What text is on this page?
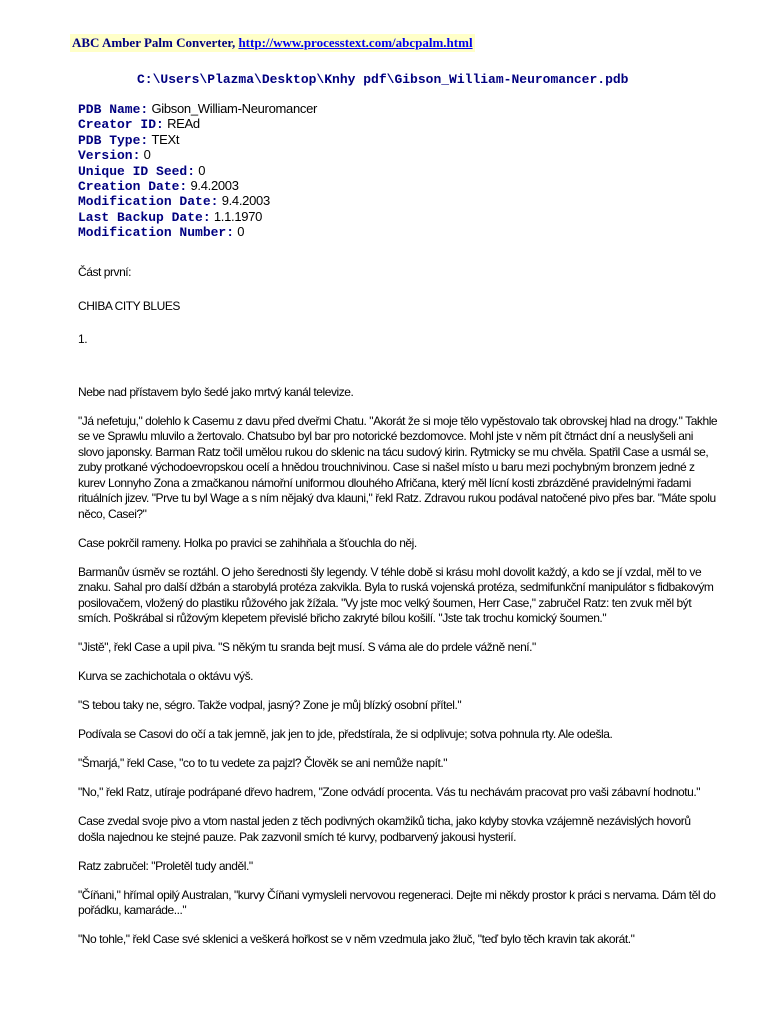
ABC Amber Palm Converter, http://www.processtext.com/abcpalm.html
C:\Users\Plazma\Desktop\Knhy pdf\Gibson_William-Neuromancer.pdb
PDB Name: Gibson_William-Neuromancer
Creator ID: REAd
PDB Type: TEXt
Version: 0
Unique ID Seed: 0
Creation Date: 9.4.2003
Modification Date: 9.4.2003
Last Backup Date: 1.1.1970
Modification Number: 0

Část první:

CHIBA CITY BLUES

1.

Nebe nad přístavem bylo šedé jako mrtvý kanál televize.

"Já nefetuju," dolehlo k Casemu z davu před dveřmi Chatu. "Akorát že si moje tělo vypěstovalo tak obrovskej hlad na drogy." Takhle se ve Sprawlu mluvilo a žertovalo. Chatsubo byl bar pro notorické bezdomovce. Mohl jste v něm pít čtrnáct dní a neuslyšeli ani slovo japonsky. Barman Ratz točil umělou rukou do sklenic na tácu sudový kirin. Rytmicky se mu chvěla. Spatřil Case a usmál se, zuby protkané východoevropskou ocelí a hnědou trouchnivinou. Case si našel místo u baru mezi pochybným bronzem jedné z kurev Lonnyho Zona a zmačkanou námořní uniformou dlouhého Afričana, který měl lícní kosti zbrázděné pravidelnými řadami rituálních jizev. "Prve tu byl Wage a s ním nějaký dva klauni," řekl Ratz. Zdravou rukou podával natočené pivo přes bar. "Máte spolu něco, Casei?"

Case pokrčil rameny. Holka po pravici se zahihňala a šťouchla do něj.

Barmanův úsměv se roztáhl. O jeho šerednosti šly legendy. V téhle době si krásu mohl dovolit každý, a kdo se jí vzdal, měl to ve znaku. Sahal pro další džbán a starobylá protéza zakvikla. Byla to ruská vojenská protéza, sedmifunkční manipulátor s fidbakovým posilovačem, vložený do plastiku růžového jak žížala. "Vy jste moc velký šoumen, Herr Case," zabručel Ratz: ten zvuk měl být smích. Poškrábal si růžovým klepetem převislé břicho zakryté bílou košilí. "Jste tak trochu komický šoumen."

"Jistě", řekl Case a upil piva. "S někým tu sranda bejt musí. S váma ale do prdele vážně není."

Kurva se zachichotala o oktávu výš.

"S tebou taky ne, ségro. Takže vodpal, jasný? Zone je můj blízký osobní přítel."

Podívala se Casovi do očí a tak jemně, jak jen to jde, předstírala, že si odplivuje; sotva pohnula rty. Ale odešla.

"Šmarjá," řekl Case, "co to tu vedete za pajzl? Člověk se ani nemůže napít."

"No," řekl Ratz, utíraje podrápané dřevo hadrem, "Zone odvádí procenta. Vás tu nechávám pracovat pro vaši zábavní hodnotu."

Case zvedal svoje pivo a vtom nastal jeden z těch podivných okamžiků ticha, jako kdyby stovka vzájemně nezávislých hovorů došla najednou ke stejné pauze. Pak zazvonil smích té kurvy, podbarvený jakousi hysterií.

Ratz zabručel: "Proletěl tudy anděl."

"Číňani," hřímal opilý Australan, "kurvy Číňani vymysleli nervovou regeneraci. Dejte mi někdy prostor k práci s nervama. Dám těl do pořádku, kamaráde..."

"No tohle," řekl Case své sklenici a veškerá hořkost se v něm vzedmula jako žluč, "teď bylo těch kravin tak akorát."
